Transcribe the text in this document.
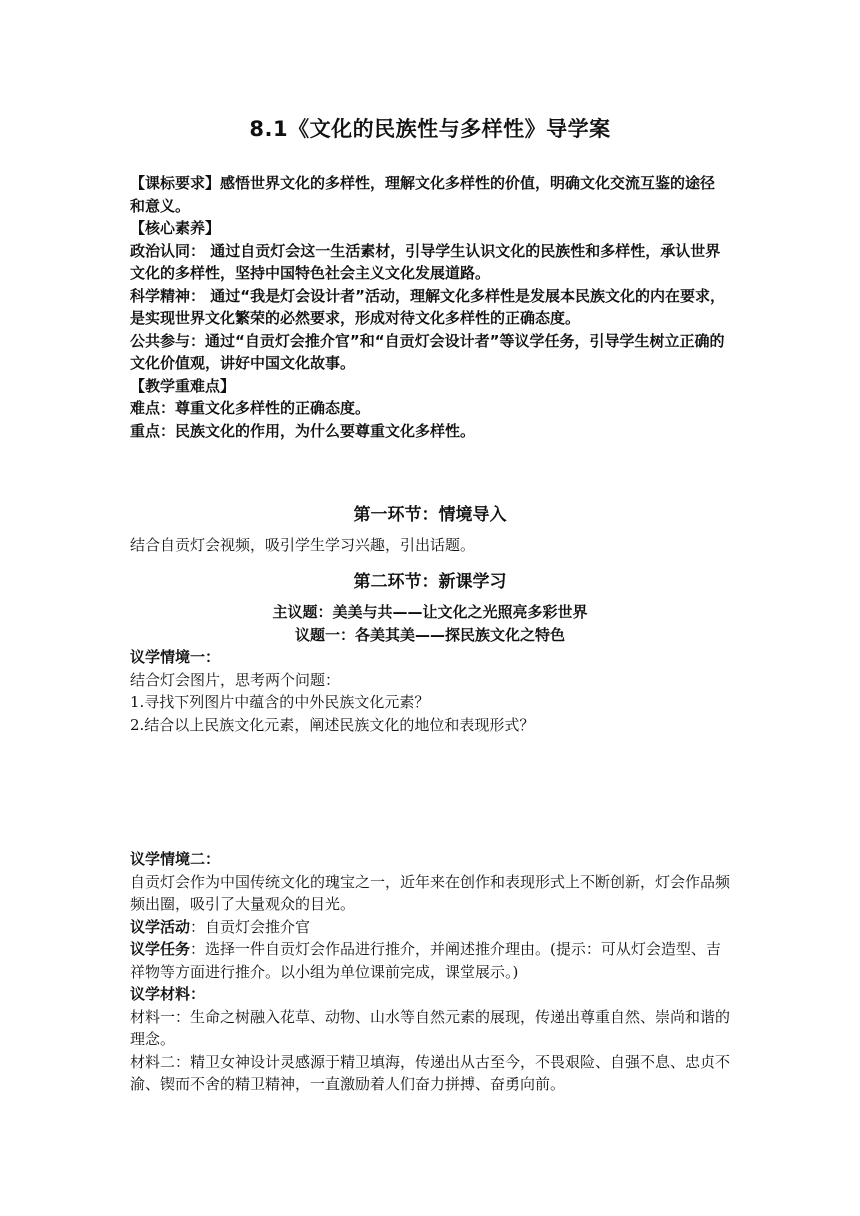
8.1《文化的民族性与多样性》导学案

【课标要求】感悟世界文化的多样性，理解文化多样性的价值，明确文化交流互鉴的途径和意义。

【核心素养】

政治认同： 通过自贡灯会这一生活素材，引导学生认识文化的民族性和多样性，承认世界文化的多样性，坚持中国特色社会主义文化发展道路。

科学精神： 通过“我是灯会设计者”活动，理解文化多样性是发展本民族文化的内在要求，是实现世界文化繁荣的必然要求，形成对待文化多样性的正确态度。

公共参与：通过“自贡灯会推介官”和“自贡灯会设计者”等议学任务，引导学生树立正确的文化价值观，讲好中国文化故事。

【教学重难点】

难点：尊重文化多样性的正确态度。

重点：民族文化的作用，为什么要尊重文化多样性。

第一环节：情境导入
结合自贡灯会视频，吸引学生学习兴趣，引出话题。
第二环节：新课学习
主议题：美美与共——让文化之光照亮多彩世界
议题一：各美其美——探民族文化之特色

议学情境一：

结合灯会图片，思考两个问题：

1.寻找下列图片中蕴含的中外民族文化元素？

2.结合以上民族文化元素，阐述民族文化的地位和表现形式？

议学情境二：

自贡灯会作为中国传统文化的瑰宝之一，近年来在创作和表现形式上不断创新，灯会作品频频出圈，吸引了大量观众的目光。

议学活动：自贡灯会推介官

议学任务：选择一件自贡灯会作品进行推介，并阐述推介理由。(提示：可从灯会造型、吉祥物等方面进行推介。以小组为单位课前完成，课堂展示。)

议学材料：

材料一：生命之树融入花草、动物、山水等自然元素的展现，传递出尊重自然、崇尚和谐的理念。

材料二：精卫女神设计灵感源于精卫填海，传递出从古至今，不畏艰险、自强不息、忠贞不渝、锲而不舍的精卫精神，一直激励着人们奋力拼搏、奋勇向前。
